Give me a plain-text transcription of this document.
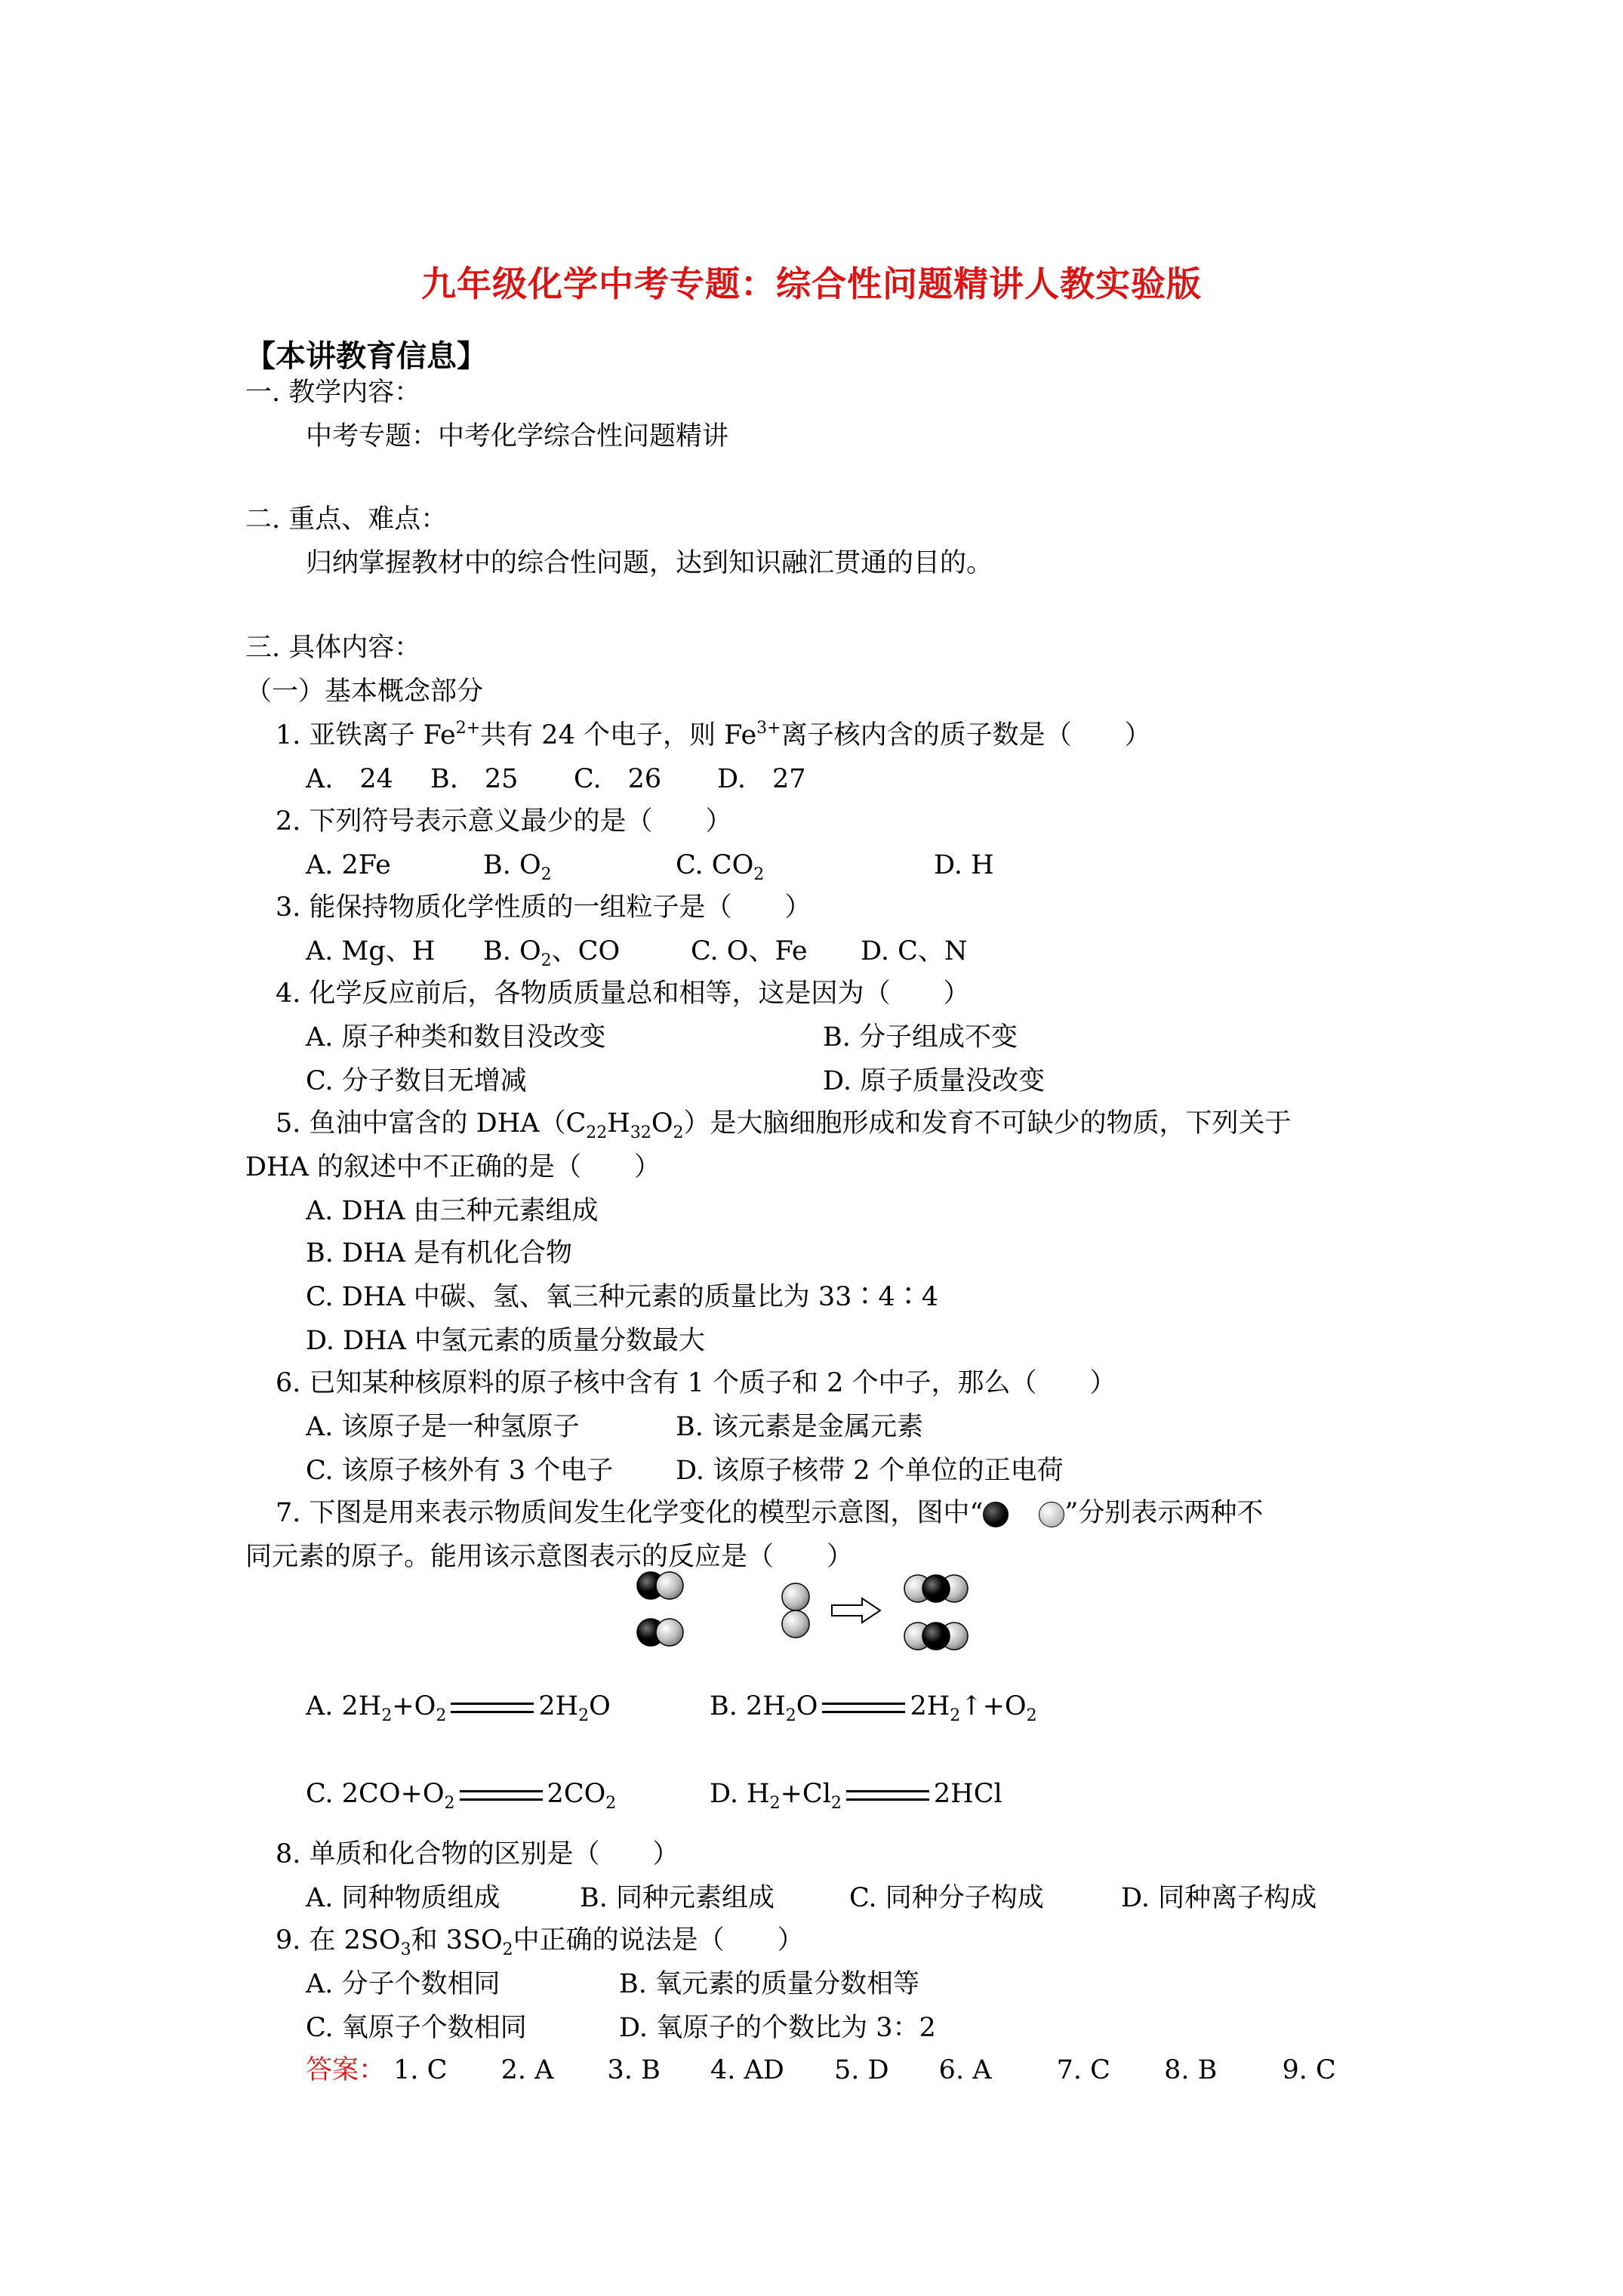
九年级化学中考专题：综合性问题精讲人教实验版
【本讲教育信息】
一. 教学内容：
中考专题：中考化学综合性问题精讲
二. 重点、难点：
归纳掌握教材中的综合性问题，达到知识融汇贯通的目的。
三. 具体内容：
（一）基本概念部分
1. 亚铁离子 $Fe^{2+}$共有 24 个电子，则 $Fe^{3+}$离子核内含的质子数是（　　）
A.　24 B.　25 C.　26 D.　27
2. 下列符号表示意义最少的是（　　）
A. 2Fe	B. $O_2$	C. $CO_2$	D. H
3. 能保持物质化学性质的一组粒子是（　　）
A. Mg、H B. $O_2$、CO	C. O、Fe D. C、N
4. 化学反应前后，各物质质量总和相等，这是因为（　　）
A. 原子种类和数目没改变	B. 分子组成不变
C. 分子数目无增减	D. 原子质量没改变
5. 鱼油中富含的 $DHA(C_{22}H_{32}O_2)$是大脑细胞形成和发育不可缺少的物质，下列关于
DHA 的叙述中不正确的是（　　）
A. DHA 由三种元素组成
B. DHA 是有机化合物
C. DHA 中碳、氢、氧三种元素的质量比为 33∶4∶4
D. DHA 中氢元素的质量分数最大
6. 已知某种核原料的原子核中含有 1 个质子和 2 个中子，那么（　　）
A. 该原子是一种氢原子	B. 该元素是金属元素
C. 该原子核外有 3 个电子 D. 该原子核带 2 个单位的正电荷
7. 下图是用来表示物质间发生化学变化的模型示意图，图中“	”分别表示两种不
同元素的原子。能用该示意图表示的反应是（　　）
A. $2H_2+O_2$	$2H_2O$	B. $2H_2O$	$2H_2↑+O_2$
C. $2CO+O_2$	$2CO_2$	D. $H_2+Cl_2$	2HCl
8. 单质和化合物的区别是（　　）
A. 同种物质组成	B. 同种元素组成	C. 同种分子构成	D. 同种离子构成
9. 在 $2SO_3$和 $3SO_2$中正确的说法是（　　）
A. 分子个数相同	B. 氧元素的质量分数相等
C. 氧原子个数相同	D. 氧原子的个数比为 3：2
答案： 1. C 2. A 3. B 4. AD 5. D 6. A 7. C 8. B 9. C
